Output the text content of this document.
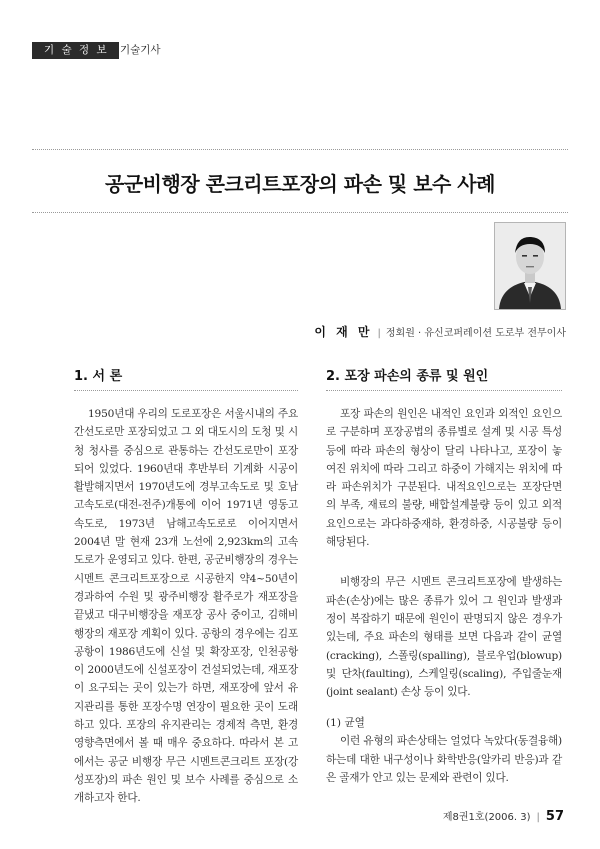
기 술 정 보	기술기사
공군비행장 콘크리트포장의 파손 및 보수 사례
이 재 만 | 정회원 · 유신코퍼레이션 도로부 전무이사
1. 서 론

1950년대 우리의 도로포장은 서울시내의 주요간선도로만 포장되었고 그 외 대도시의 도청 및 시청 청사를 중심으로 관통하는 간선도로만이 포장되어 있었다. 1960년대 후반부터 기계화 시공이 활발해지면서 1970년도에 경부고속도로 및 호남고속도로(대전-전주)개통에 이어 1971년 영동고속도로, 1973년 남해고속도로로 이어지면서 2004년 말 현재 23개 노선에 2,923km의 고속도로가 운영되고 있다. 한편, 공군비행장의 경우는 시멘트 콘크리트포장으로 시공한지 약4~50년이 경과하여 수원 및 광주비행장 활주로가 재포장을 끝냈고 대구비행장을 재포장 공사 중이고, 김해비행장의 재포장 계획이 있다. 공항의 경우에는 김포공항이 1986년도에 신설 및 확장포장, 인천공항이 2000년도에 신설포장이 건설되었는데, 재포장이 요구되는 곳이 있는가 하면, 재포장에 앞서 유지관리를 통한 포장수명 연장이 필요한 곳이 도래하고 있다. 포장의 유지관리는 경제적 측면, 환경영향측면에서 볼 때 매우 중요하다. 따라서 본 고에서는 공군 비행장 무근 시멘트콘크리트 포장(강성포장)의 파손 원인 및 보수 사례를 중심으로 소개하고자 한다.

2. 포장 파손의 종류 및 원인

포장 파손의 원인은 내적인 요인과 외적인 요인으로 구분하며 포장공법의 종류별로 설계 및 시공 특성 등에 따라 파손의 형상이 달리 나타나고, 포장이 놓여진 위치에 따라 그리고 하중이 가해지는 위치에 따라 파손위치가 구분된다. 내적요인으로는 포장단면의 부족, 재료의 불량, 배합설계불량 등이 있고 외적요인으로는 과다하중재하, 환경하중, 시공불량 등이 해당된다.

비행장의 무근 시멘트 콘크리트포장에 발생하는 파손(손상)에는 많은 종류가 있어 그 원인과 발생과정이 복잡하기 때문에 원인이 판명되지 않은 경우가 있는데, 주요 파손의 형태를 보면 다음과 같이 균열(cracking), 스폴링(spalling), 블로우업(blowup) 및 단차(faulting), 스케일링(scaling), 주입줄눈재(joint sealant) 손상 등이 있다.

(1) 균열

이런 유형의 파손상태는 얼었다 녹았다(동결융해)하는데 대한 내구성이나 화학반응(알카리 반응)과 같은 골재가 안고 있는 문제와 관련이 있다.

제8권1호(2006. 3) | 57
